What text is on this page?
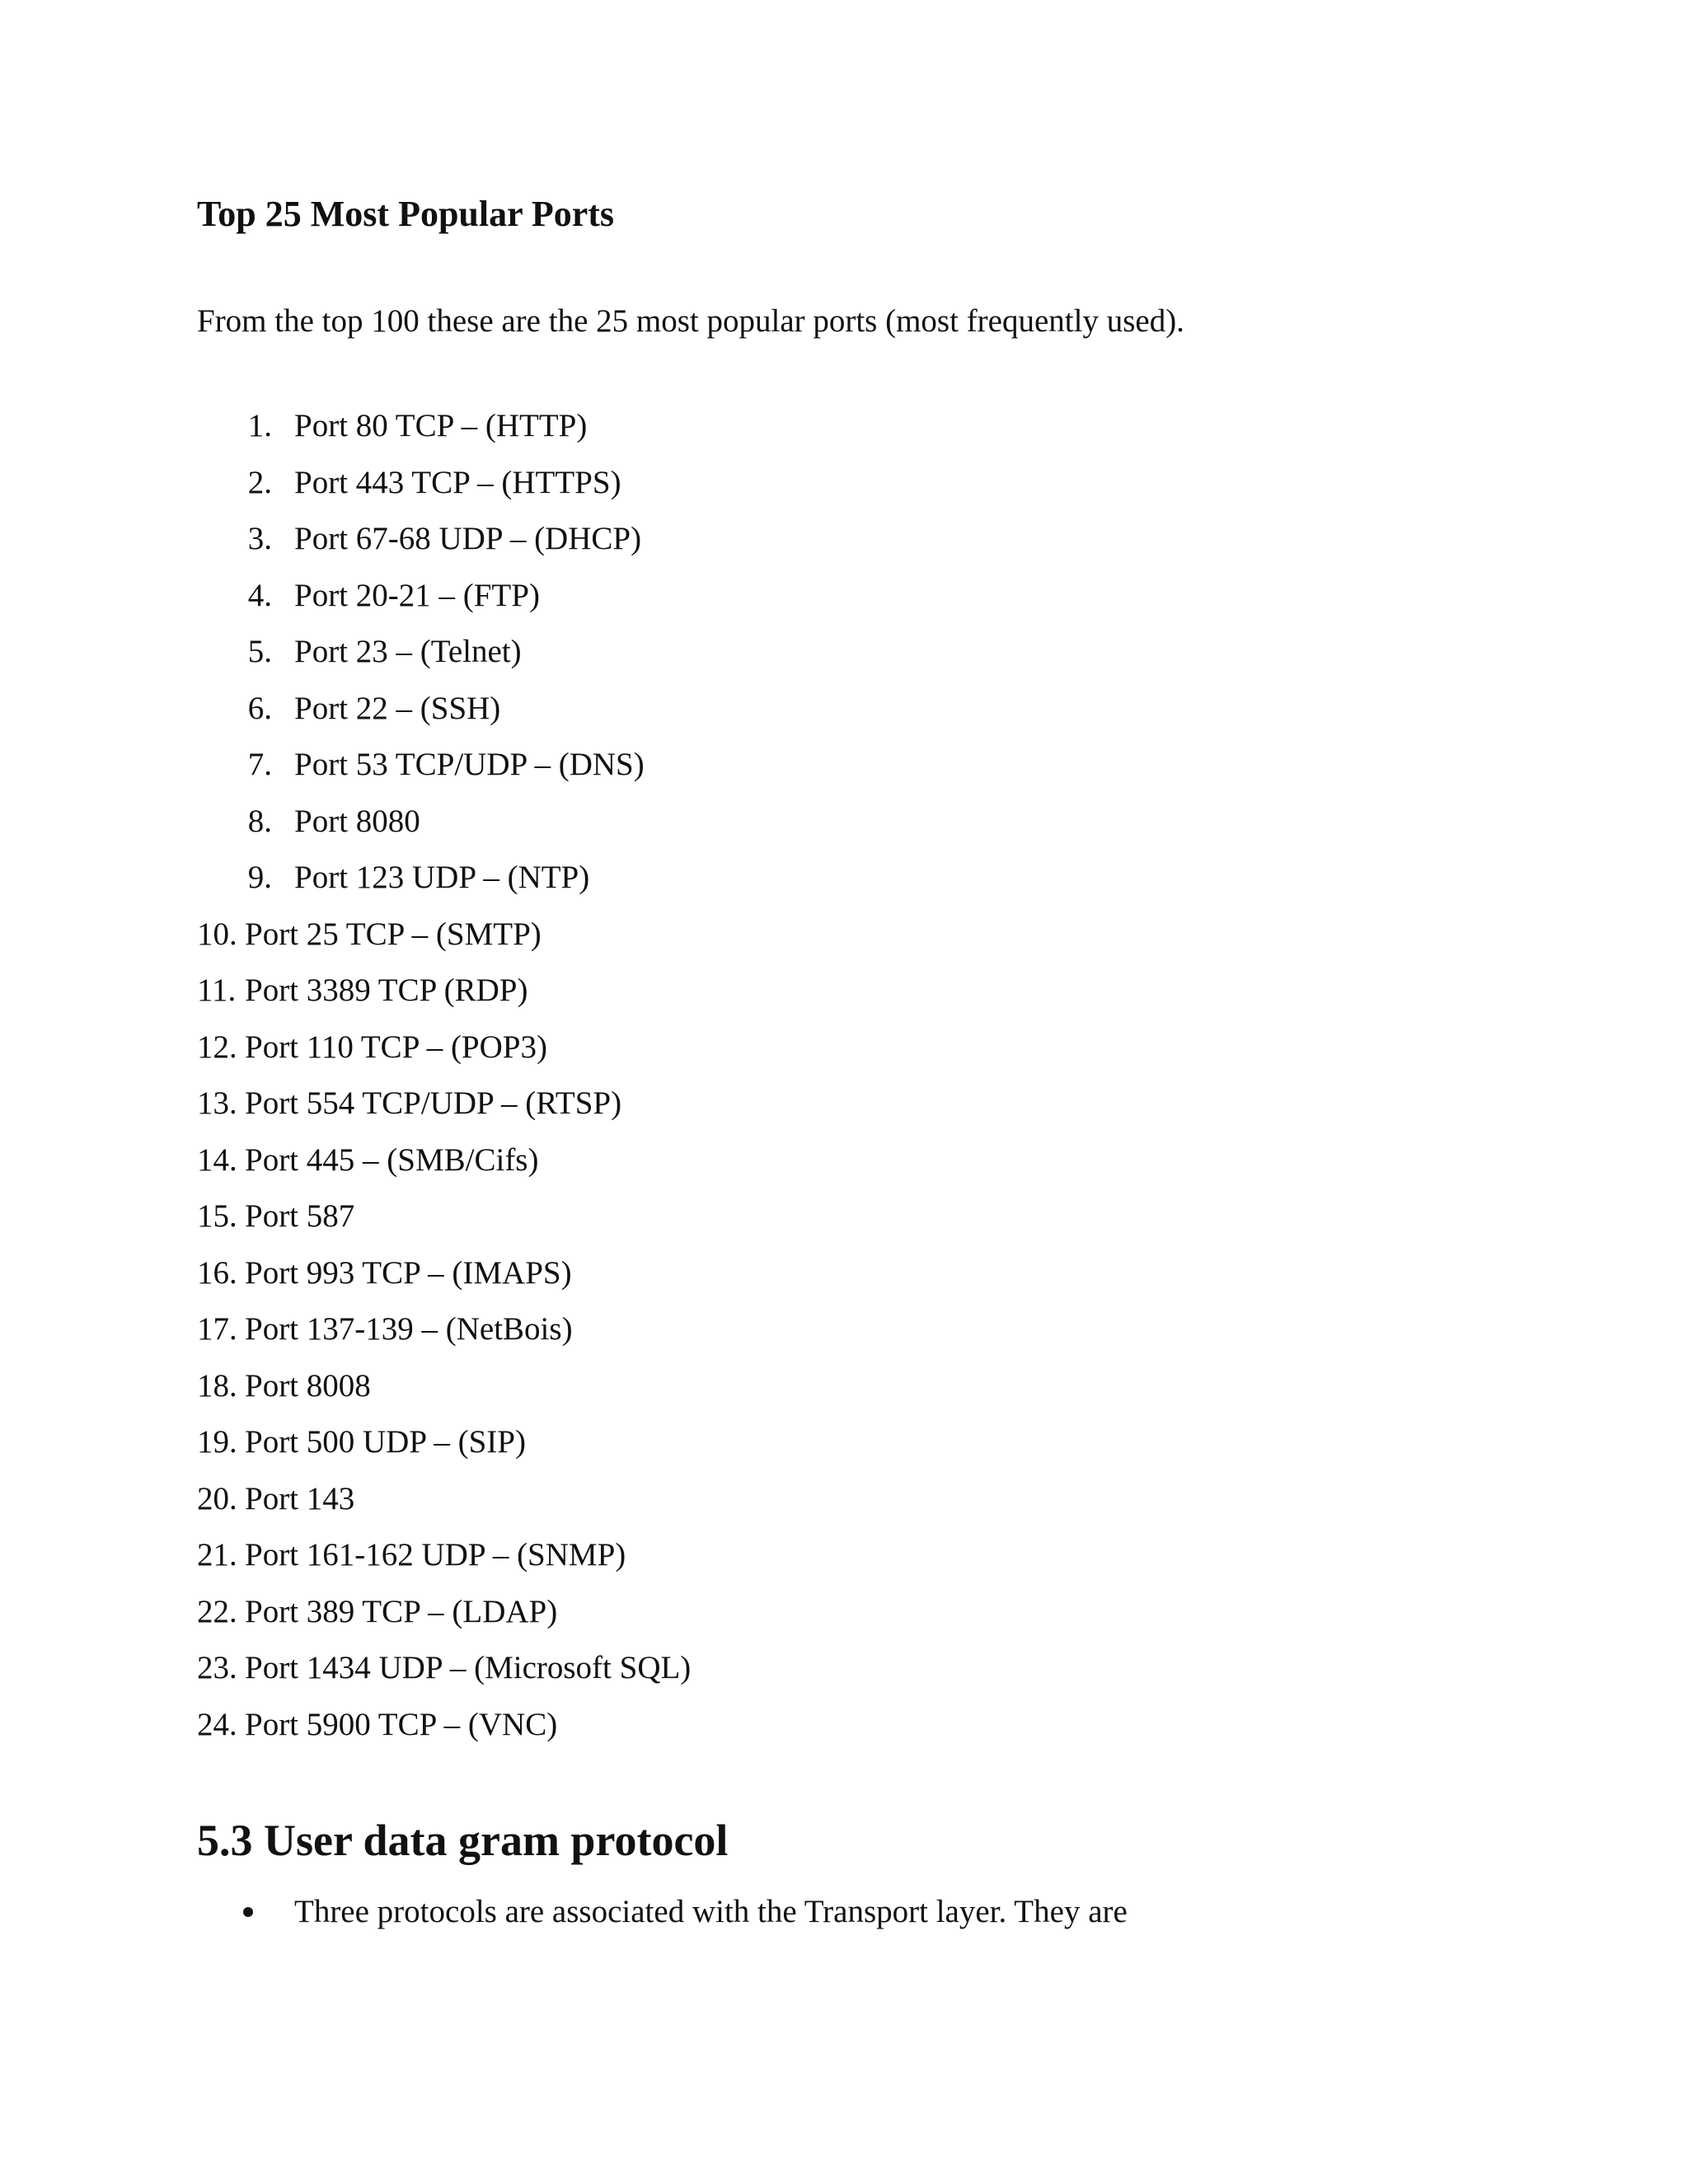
Top 25 Most Popular Ports

From the top 100 these are the 25 most popular ports (most frequently used).

1. Port 80 TCP – (HTTP)
2. Port 443 TCP – (HTTPS)
3. Port 67-68 UDP – (DHCP)
4. Port 20-21 – (FTP)
5. Port 23 – (Telnet)
6. Port 22 – (SSH)
7. Port 53 TCP/UDP – (DNS)
8. Port 8080
9. Port 123 UDP – (NTP)
10. Port 25 TCP – (SMTP)
11. Port 3389 TCP (RDP)
12. Port 110 TCP – (POP3)
13. Port 554 TCP/UDP – (RTSP)
14. Port 445 – (SMB/Cifs)
15. Port 587
16. Port 993 TCP – (IMAPS)
17. Port 137-139 – (NetBois)
18. Port 8008
19. Port 500 UDP – (SIP)
20. Port 143
21. Port 161-162 UDP – (SNMP)
22. Port 389 TCP – (LDAP)
23. Port 1434 UDP – (Microsoft SQL)
24. Port 5900 TCP – (VNC)
5.3 User data gram protocol
Three protocols are associated with the Transport layer. They are
